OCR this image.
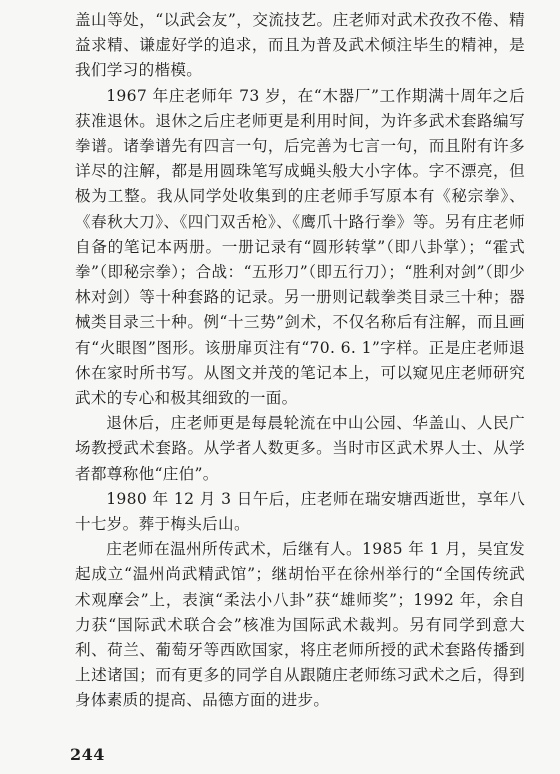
盖山等处，“以武会友”，交流技艺。庄老师对武术孜孜不倦、精益求精、谦虚好学的追求，而且为普及武术倾注毕生的精神，是我们学习的楷模。

1967 年庄老师年 73 岁，在“木器厂”工作期满十周年之后获准退休。退休之后庄老师更是利用时间，为许多武术套路编写拳谱。诸拳谱先有四言一句，后完善为七言一句，而且附有许多详尽的注解，都是用圆珠笔写成蝇头般大小字体。字不漂亮，但极为工整。我从同学处收集到的庄老师手写原本有《秘宗拳》、《春秋大刀》、《四门双舌枪》、《鹰爪十路行拳》等。另有庄老师自备的笔记本两册。一册记录有“圆形转掌”（即八卦掌）；“霍式拳”（即秘宗拳）；合战：“五形刀”（即五行刀）；“胜利对剑”（即少林对剑）等十种套路的记录。另一册则记载拳类目录三十种；器械类目录三十种。例“十三势”剑术，不仅名称后有注解，而且画有“火眼图”图形。该册扉页注有“70. 6. 1”字样。正是庄老师退休在家时所书写。从图文并茂的笔记本上，可以窥见庄老师研究武术的专心和极其细致的一面。

退休后，庄老师更是每晨轮流在中山公园、华盖山、人民广场教授武术套路。从学者人数更多。当时市区武术界人士、从学者都尊称他“庄伯”。

1980 年 12 月 3 日午后，庄老师在瑞安塘西逝世，享年八十七岁。葬于梅头后山。

庄老师在温州所传武术，后继有人。1985 年 1 月，吴宜发起成立“温州尚武精武馆”；继胡怡平在徐州举行的“全国传统武术观摩会”上，表演“柔法小八卦”获“雄师奖”；1992 年，余自力获“国际武术联合会”核准为国际武术裁判。另有同学到意大利、荷兰、葡萄牙等西欧国家，将庄老师所授的武术套路传播到上述诸国；而有更多的同学自从跟随庄老师练习武术之后，得到身体素质的提高、品德方面的进步。

244
